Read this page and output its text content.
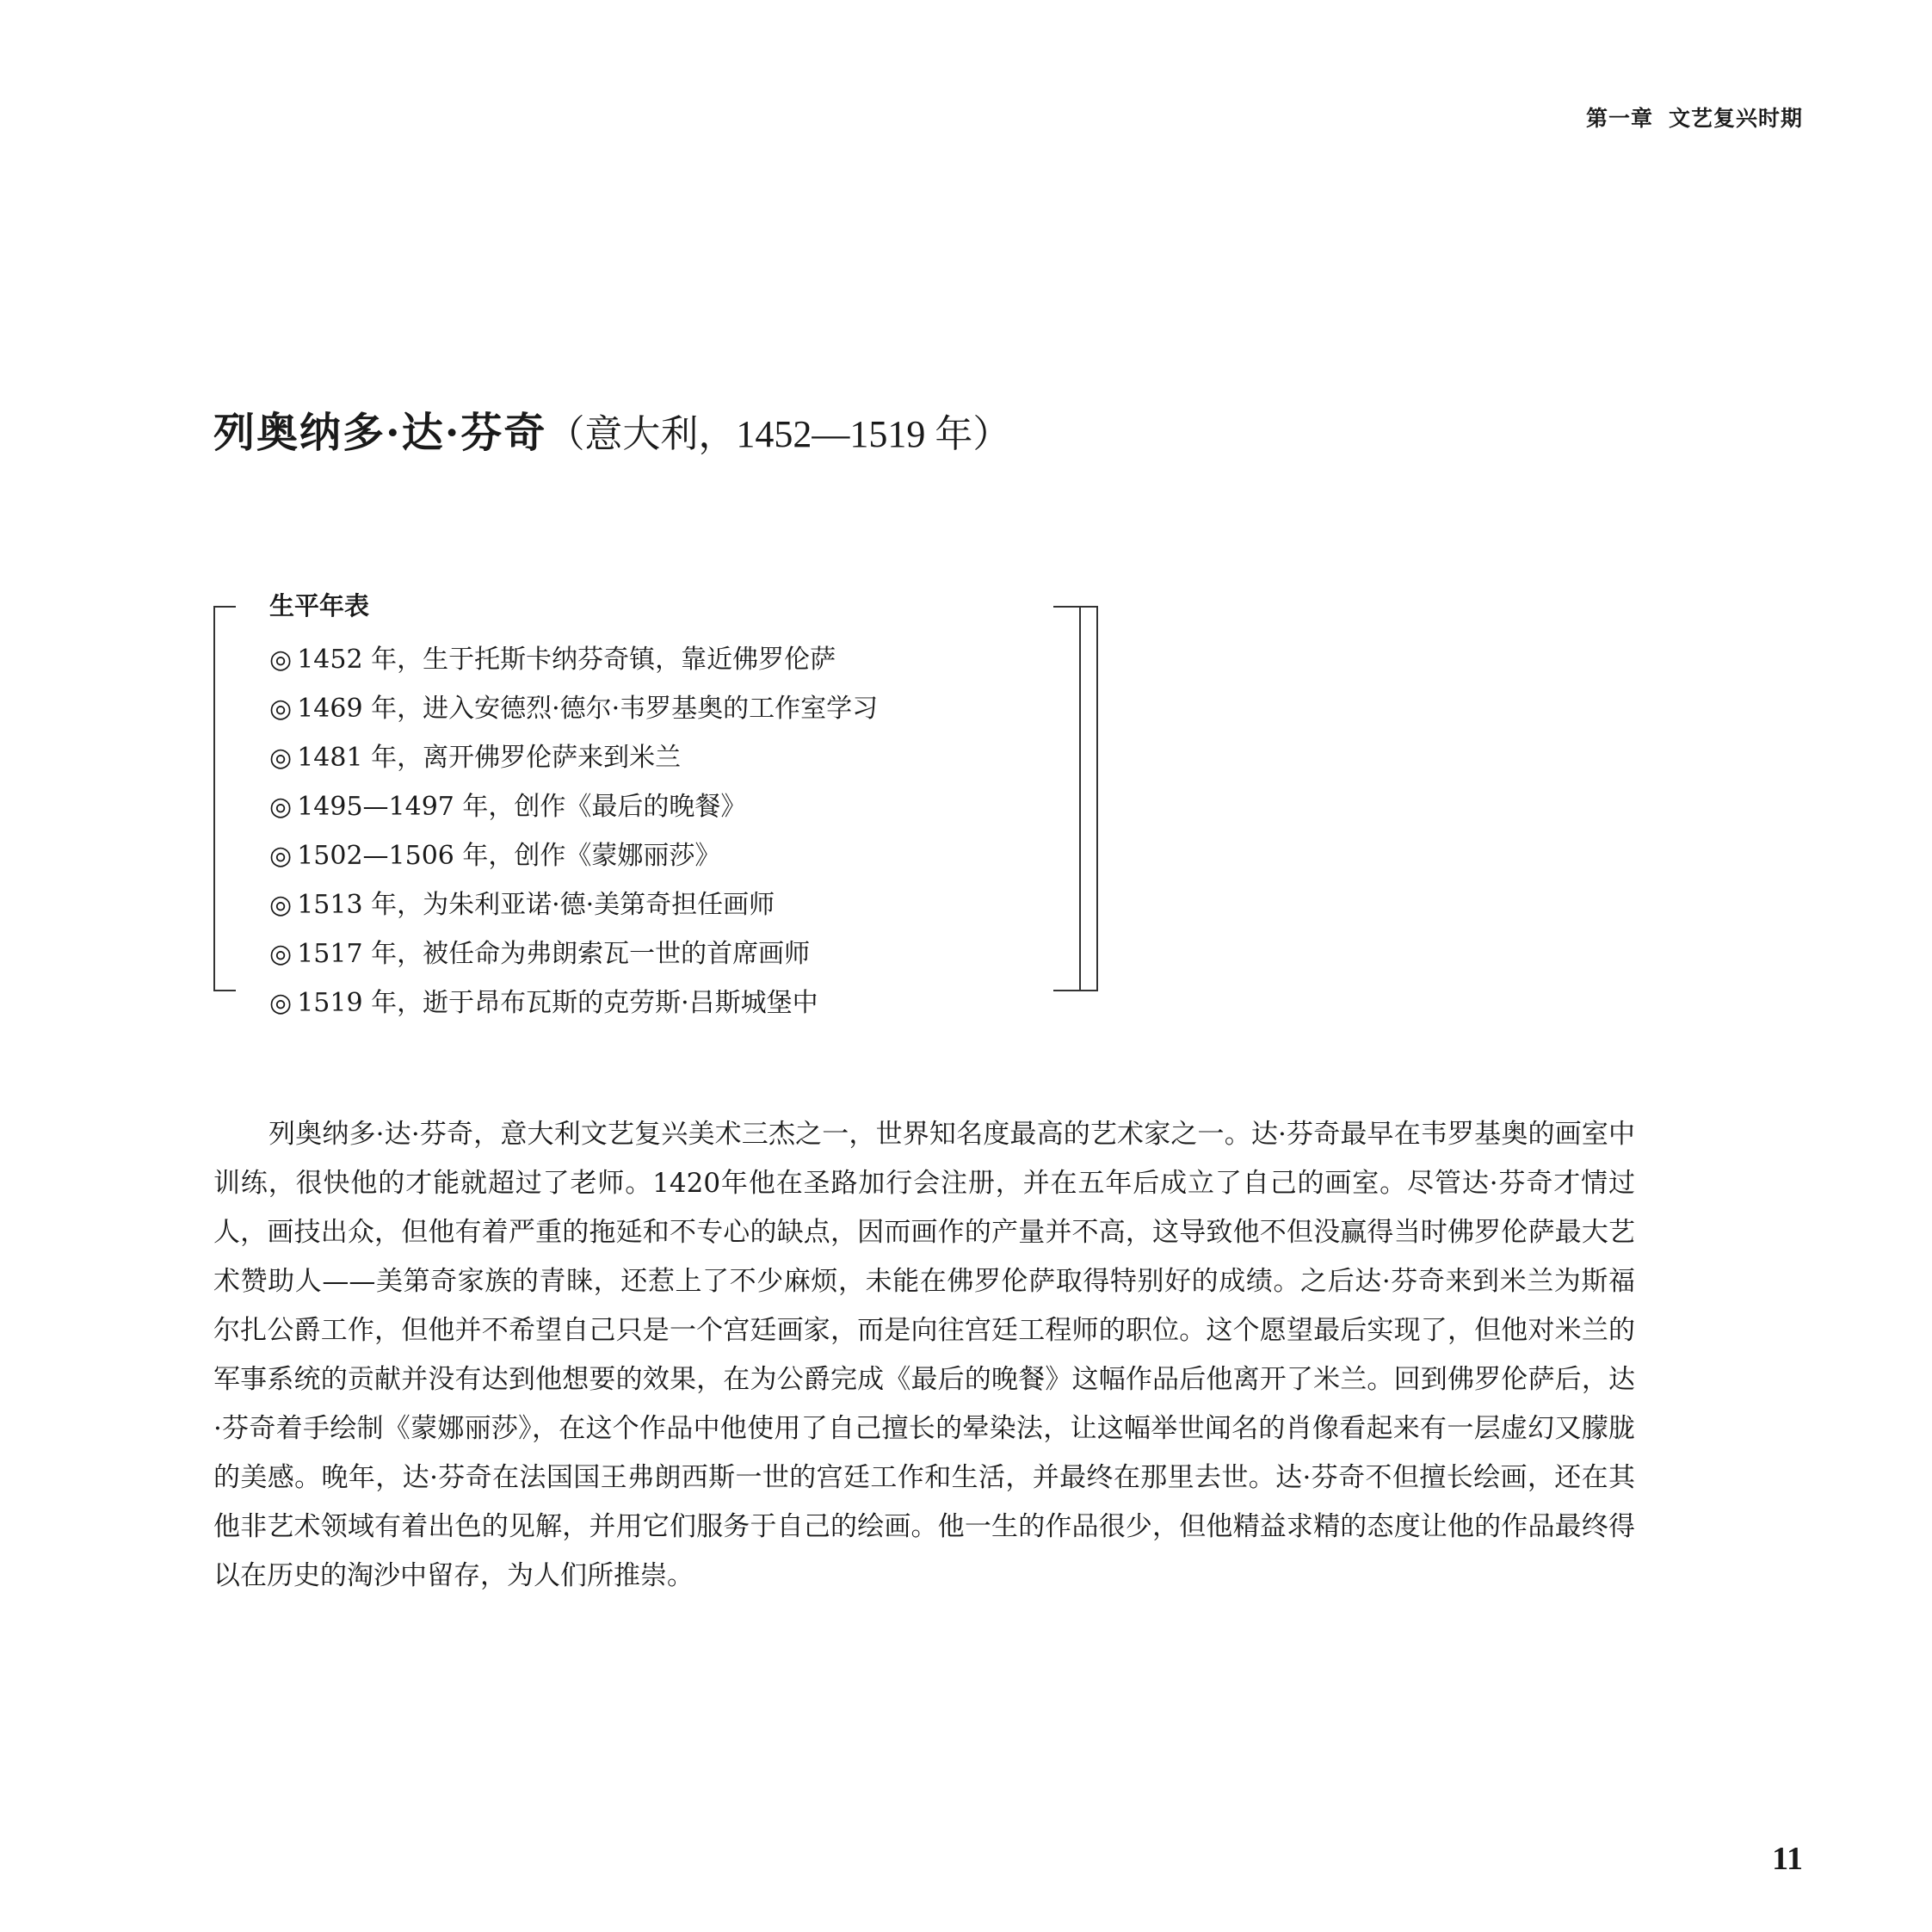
第一章 文艺复兴时期
列奥纳多·达·芬奇（意大利，1452—1519 年）
生平年表
◎ 1452 年，生于托斯卡纳芬奇镇，靠近佛罗伦萨
◎ 1469 年，进入安德烈·德尔·韦罗基奥的工作室学习
◎ 1481 年，离开佛罗伦萨来到米兰
◎ 1495—1497 年，创作《最后的晚餐》
◎ 1502—1506 年，创作《蒙娜丽莎》
◎ 1513 年，为朱利亚诺·德·美第奇担任画师
◎ 1517 年，被任命为弗朗索瓦一世的首席画师
◎ 1519 年，逝于昂布瓦斯的克劳斯·吕斯城堡中

列奥纳多·达·芬奇，意大利文艺复兴美术三杰之一，世界知名度最高的艺术家之一。达·芬奇最早在韦罗基奥的画室中训练，很快他的才能就超过了老师。1420年他在圣路加行会注册，并在五年后成立了自己的画室。尽管达·芬奇才情过人，画技出众，但他有着严重的拖延和不专心的缺点，因而画作的产量并不高，这导致他不但没赢得当时佛罗伦萨最大艺术赞助人——美第奇家族的青睐，还惹上了不少麻烦，未能在佛罗伦萨取得特别好的成绩。之后达·芬奇来到米兰为斯福尔扎公爵工作，但他并不希望自己只是一个宫廷画家，而是向往宫廷工程师的职位。这个愿望最后实现了，但他对米兰的军事系统的贡献并没有达到他想要的效果，在为公爵完成《最后的晚餐》这幅作品后他离开了米兰。回到佛罗伦萨后，达·芬奇着手绘制《蒙娜丽莎》，在这个作品中他使用了自己擅长的晕染法，让这幅举世闻名的肖像看起来有一层虚幻又朦胧的美感。晚年，达·芬奇在法国国王弗朗西斯一世的宫廷工作和生活，并最终在那里去世。达·芬奇不但擅长绘画，还在其他非艺术领域有着出色的见解，并用它们服务于自己的绘画。他一生的作品很少，但他精益求精的态度让他的作品最终得以在历史的淘沙中留存，为人们所推崇。

11
